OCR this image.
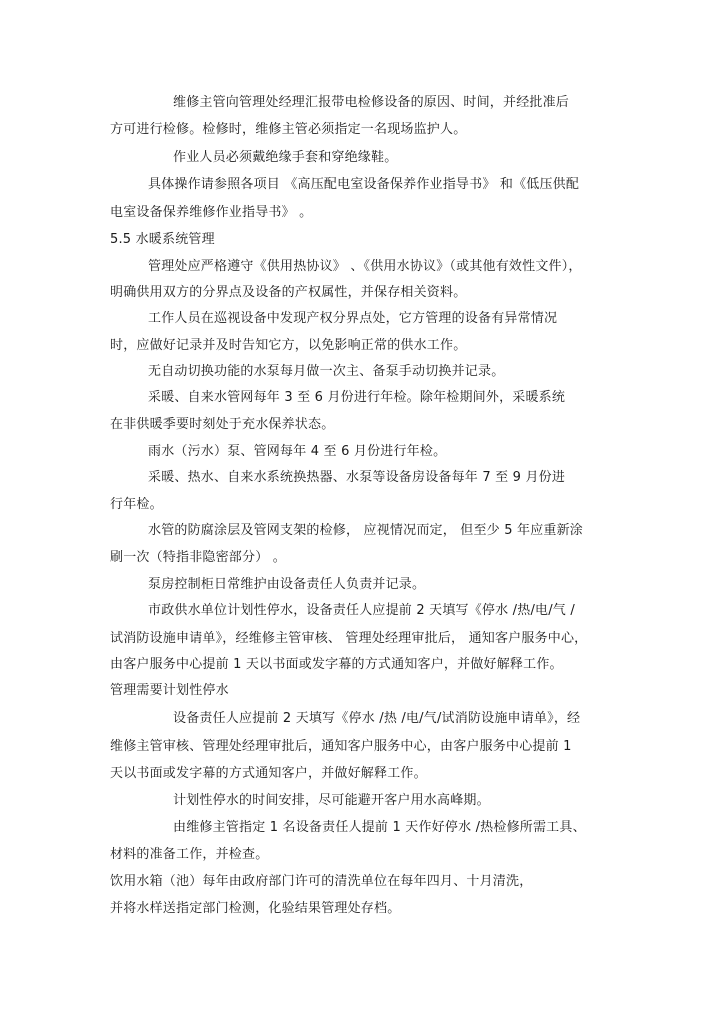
维修主管向管理处经理汇报带电检修设备的原因、时间，并经批准后
方可进行检修。检修时，维修主管必须指定一名现场监护人。
作业人员必须戴绝缘手套和穿绝缘鞋。
具体操作请参照各项目 《高压配电室设备保养作业指导书》 和《低压供配
电室设备保养维修作业指导书》 。
5.5 水暖系统管理
管理处应严格遵守《供用热协议》 、《供用水协议》（或其他有效性文件），
明确供用双方的分界点及设备的产权属性，并保存相关资料。
工作人员在巡视设备中发现产权分界点处，它方管理的设备有异常情况
时，应做好记录并及时告知它方，以免影响正常的供水工作。
无自动切换功能的水泵每月做一次主、备泵手动切换并记录。
采暖、自来水管网每年 3 至 6 月份进行年检。除年检期间外，采暖系统
在非供暖季要时刻处于充水保养状态。
雨水（污水）泵、管网每年 4 至 6 月份进行年检。
采暖、热水、自来水系统换热器、水泵等设备房设备每年 7 至 9 月份进
行年检。
水管的防腐涂层及管网支架的检修， 应视情况而定， 但至少 5 年应重新涂
刷一次（特指非隐密部分） 。
泵房控制柜日常维护由设备责任人负责并记录。
市政供水单位计划性停水，设备责任人应提前 2 天填写《停水 /热/电/气 /
试消防设施申请单》，经维修主管审核、 管理处经理审批后， 通知客户服务中心，
由客户服务中心提前 1 天以书面或发字幕的方式通知客户，并做好解释工作。
管理需要计划性停水
设备责任人应提前 2 天填写《停水 /热 /电/气/试消防设施申请单》，经
维修主管审核、管理处经理审批后，通知客户服务中心，由客户服务中心提前 1
天以书面或发字幕的方式通知客户，并做好解释工作。
计划性停水的时间安排，尽可能避开客户用水高峰期。
由维修主管指定 1 名设备责任人提前 1 天作好停水 /热检修所需工具、
材料的准备工作，并检查。
饮用水箱（池）每年由政府部门许可的清洗单位在每年四月、十月清洗，
并将水样送指定部门检测，化验结果管理处存档。
